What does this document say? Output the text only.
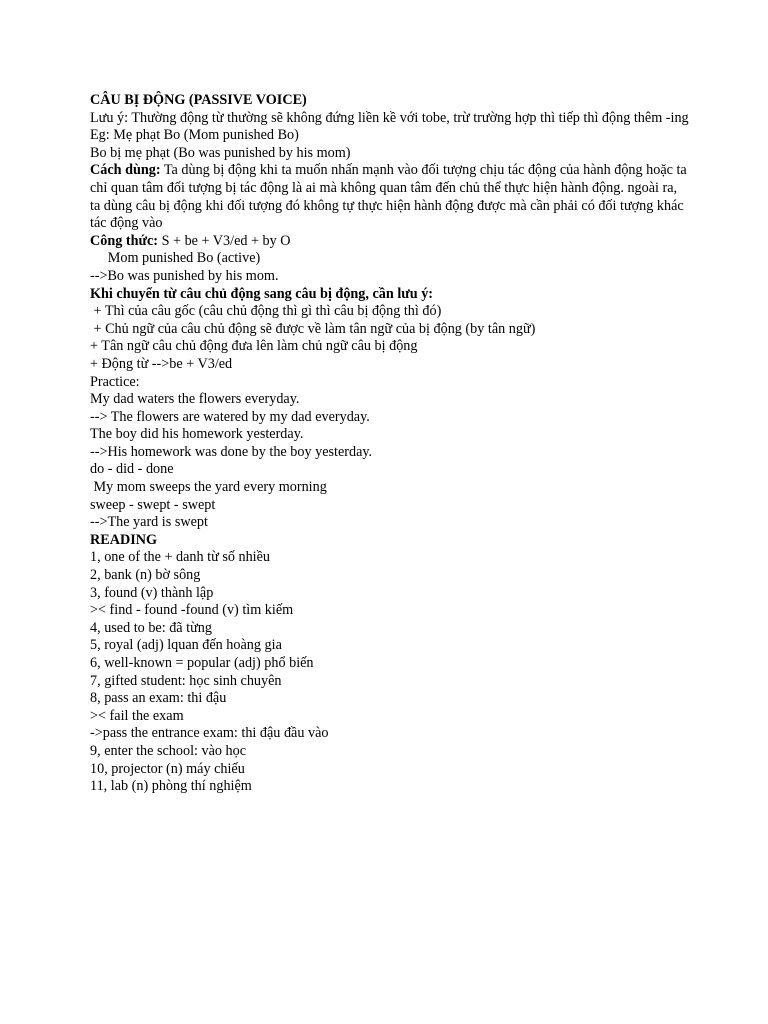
CÂU BỊ ĐỘNG (PASSIVE VOICE)

Lưu ý: Thường động từ thường sẽ không đứng liền kề với tobe, trừ trường hợp thì tiếp thì động thêm -ing

Eg: Mẹ phạt Bo (Mom punished Bo)

Bo bị mẹ phạt (Bo was punished by his mom)

Cách dùng: Ta dùng bị động khi ta muốn nhấn mạnh vào đối tượng chịu tác động của hành động hoặc ta chỉ quan tâm đối tượng bị tác động là ai mà không quan tâm đến chủ thể thực hiện hành động. ngoài ra, ta dùng câu bị động khi đối tượng đó không tự thực hiện hành động được mà cần phải có đối tượng khác tác động vào

Công thức: S + be + V3/ed + by O

Mom punished Bo (active)

-->Bo was punished by his mom.

Khi chuyển từ câu chủ động sang câu bị động, cần lưu ý:

+ Thì của câu gốc (câu chủ động thì gì thì câu bị động thì đó)

+ Chủ ngữ của câu chủ động sẽ được về làm tân ngữ của bị động (by tân ngữ)

+ Tân ngữ câu chủ động đưa lên làm chủ ngữ câu bị động

+ Động từ -->be + V3/ed

Practice:

My dad waters the flowers everyday.

--> The flowers are watered by my dad everyday.

The boy did his homework yesterday.

-->His homework was done by the boy yesterday.

do - did - done

My mom sweeps the yard every morning

sweep - swept - swept

-->The yard is swept

READING

1, one of the + danh từ số nhiều

2, bank (n) bờ sông

3, found (v) thành lập

>< find - found -found (v) tìm kiếm

4, used to be: đã từng

5, royal (adj) lquan đến hoàng gia

6, well-known = popular (adj) phổ biến

7, gifted student: học sinh chuyên

8, pass an exam: thi đậu

>< fail the exam

->pass the entrance exam: thi đậu đầu vào

9, enter the school: vào học

10, projector (n) máy chiếu

11, lab (n) phòng thí nghiệm
